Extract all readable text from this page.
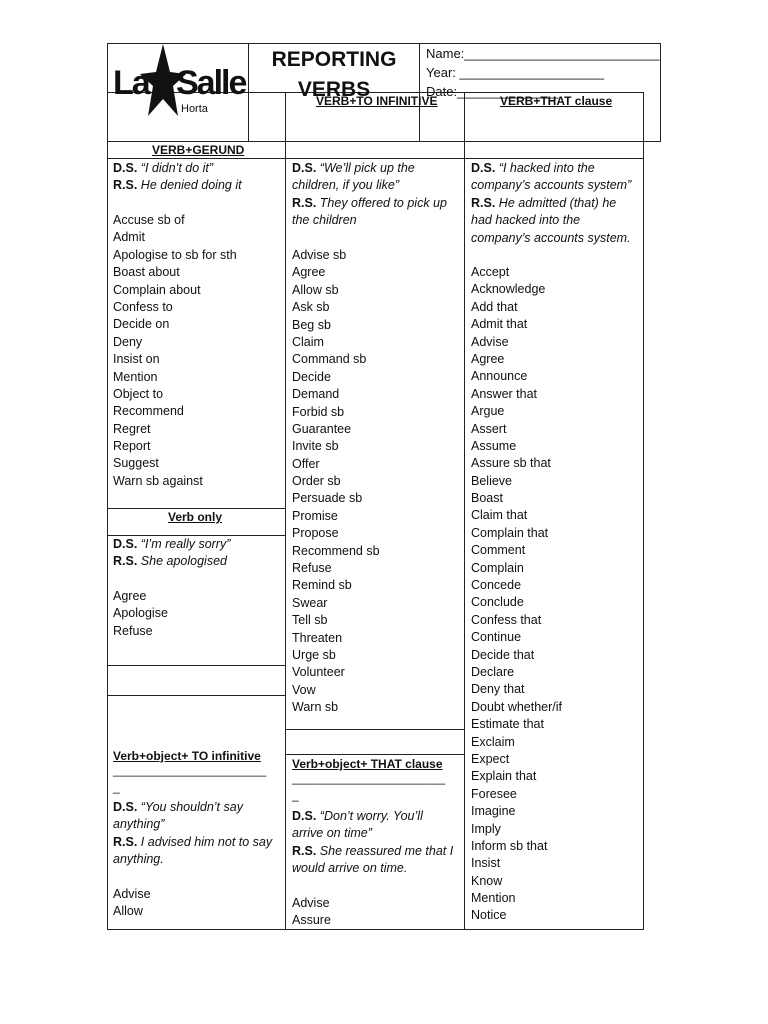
La Salle
Horta
REPORTING
VERBS
Name:___________________________
Year: ____________________
Date:______________
VERB+TO INFINITIVE	VERB+THAT clause
VERB+GERUND
D.S. “I didn’t do it”
R.S. He denied doing it
Accuse sb of
Admit
Apologise to sb for sth
Boast about
Complain about
Confess to
Decide on
Deny
Insist on
Mention
Object to
Recommend
Regret
Report
Suggest
Warn sb against
Verb only
D.S. “I’m really sorry”
R.S. She apologised
Agree
Apologise
Refuse
Verb+object+ TO infinitive
______________________
_
D.S. “You shouldn’t say
anything”
R.S. I advised him not to say
anything.
Advise
Allow
D.S. “We’ll pick up the
children, if you like”
R.S. They offered to pick up
the children
Advise sb
Agree
Allow sb
Ask sb
Beg sb
Claim
Command sb
Decide
Demand
Forbid sb
Guarantee
Invite sb
Offer
Order sb
Persuade sb
Promise
Propose
Recommend sb
Refuse
Remind sb
Swear
Tell sb
Threaten
Urge sb
Volunteer
Vow
Warn sb
Verb+object+ THAT clause
______________________
_
D.S. “Don’t worry. You’ll
arrive on time”
R.S. She reassured me that I
would arrive on time.
Advise
Assure
D.S. “I hacked into the
company’s accounts system”
R.S. He admitted (that) he
had hacked into the
company’s accounts system.
Accept
Acknowledge
Add that
Admit that
Advise
Agree
Announce
Answer that
Argue
Assert
Assume
Assure sb that
Believe
Boast
Claim that
Complain that
Comment
Complain
Concede
Conclude
Confess that
Continue
Decide that
Declare
Deny that
Doubt whether/if
Estimate that
Exclaim
Expect
Explain that
Foresee
Imagine
Imply
Inform sb that
Insist
Know
Mention
Notice
